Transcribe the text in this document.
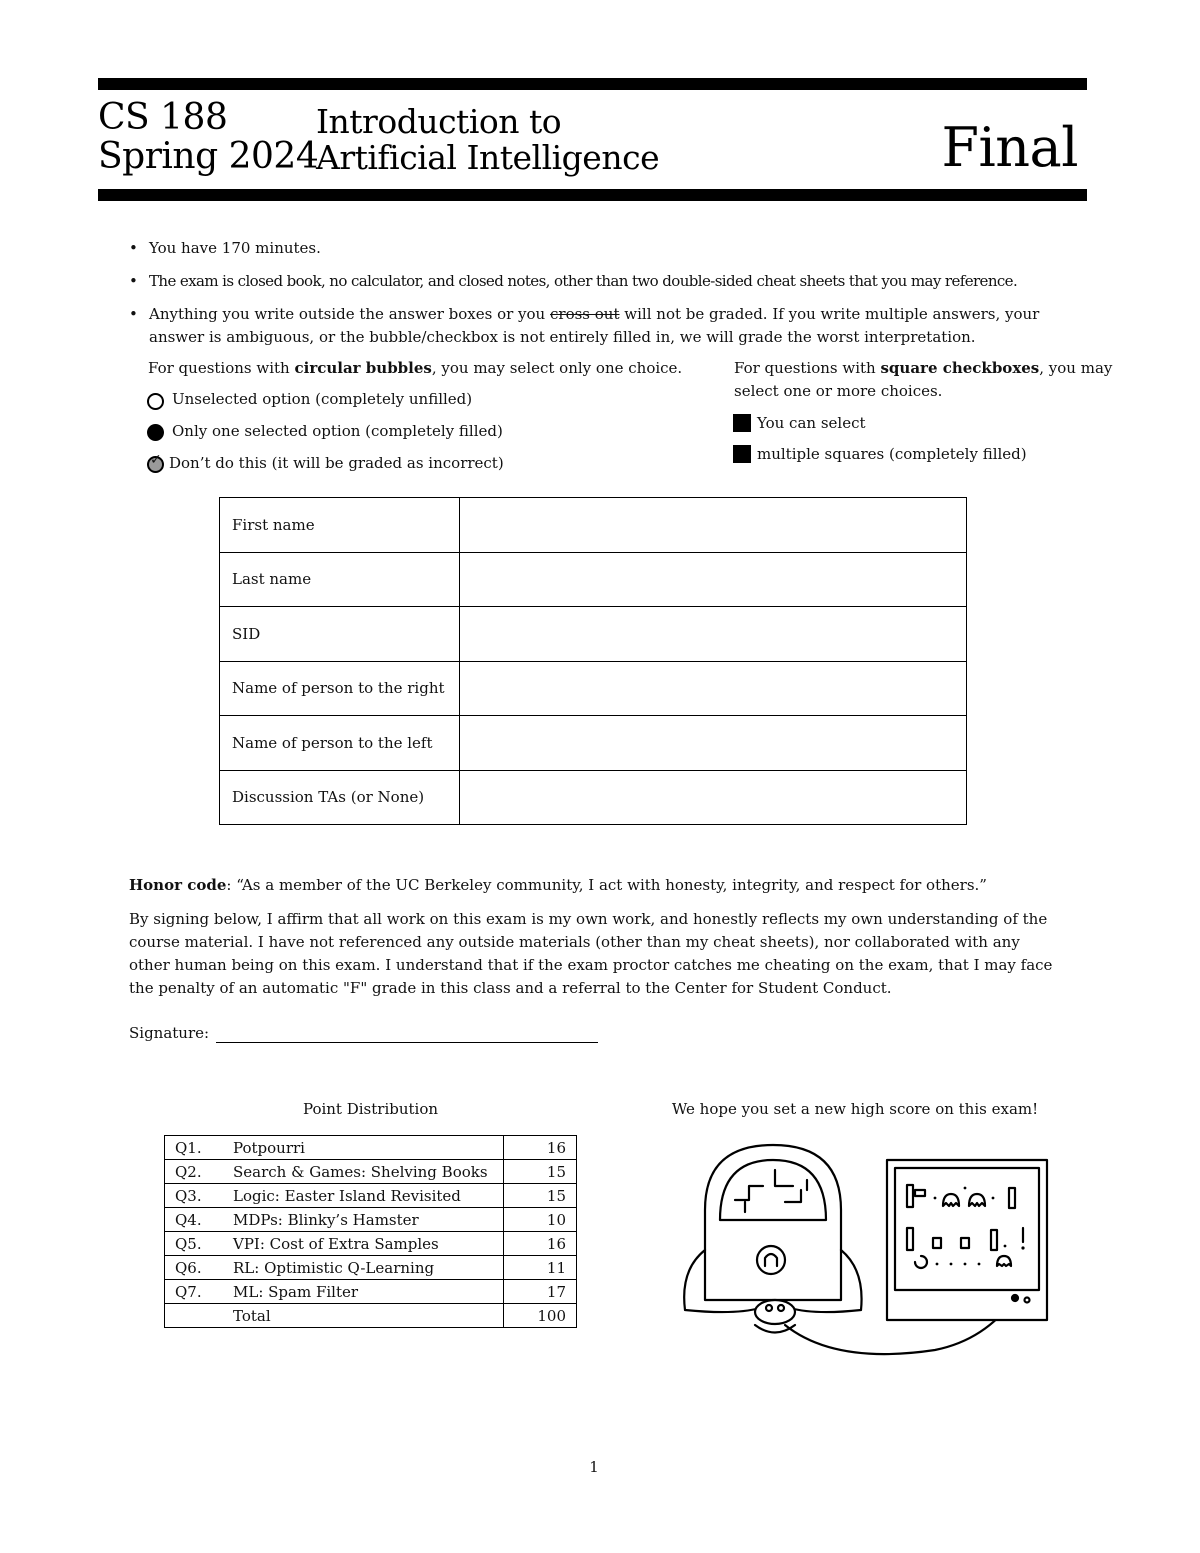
CS 188
Spring 2024
Introduction to
Artificial Intelligence	Final
• You have 170 minutes.
• The exam is closed book, no calculator, and closed notes, other than two double-sided cheat sheets that you may reference.
• Anything you write outside the answer boxes or you cross out will not be graded. If you write multiple answers, your answer is ambiguous, or the bubble/checkbox is not entirely filled in, we will grade the worst interpretation.
For questions with circular bubbles, you may select only one choice.
Unselected option (completely unfilled)
Only one selected option (completely filled)
✓ Don’t do this (it will be graded as incorrect)
For questions with square checkboxes, you may select one or more choices.
You can select
multiple squares (completely filled)
First name	
Last name	
SID	
Name of person to the right	
Name of person to the left	
Discussion TAs (or None)	
Honor code: “As a member of the UC Berkeley community, I act with honesty, integrity, and respect for others.”
By signing below, I affirm that all work on this exam is my own work, and honestly reflects my own understanding of the course material. I have not referenced any outside materials (other than my cheat sheets), nor collaborated with any other human being on this exam. I understand that if the exam proctor catches me cheating on the exam, that I may face the penalty of an automatic "F" grade in this class and a referral to the Center for Student Conduct.
Signature:
Point Distribution
Q1.	Potpourri	16
Q2.	Search & Games: Shelving Books	15
Q3.	Logic: Easter Island Revisited	15
Q4.	MDPs: Blinky’s Hamster	10
Q5.	VPI: Cost of Extra Samples	16
Q6.	RL: Optimistic Q-Learning	11
Q7.	ML: Spam Filter	17
	Total	100
We hope you set a new high score on this exam!
1
